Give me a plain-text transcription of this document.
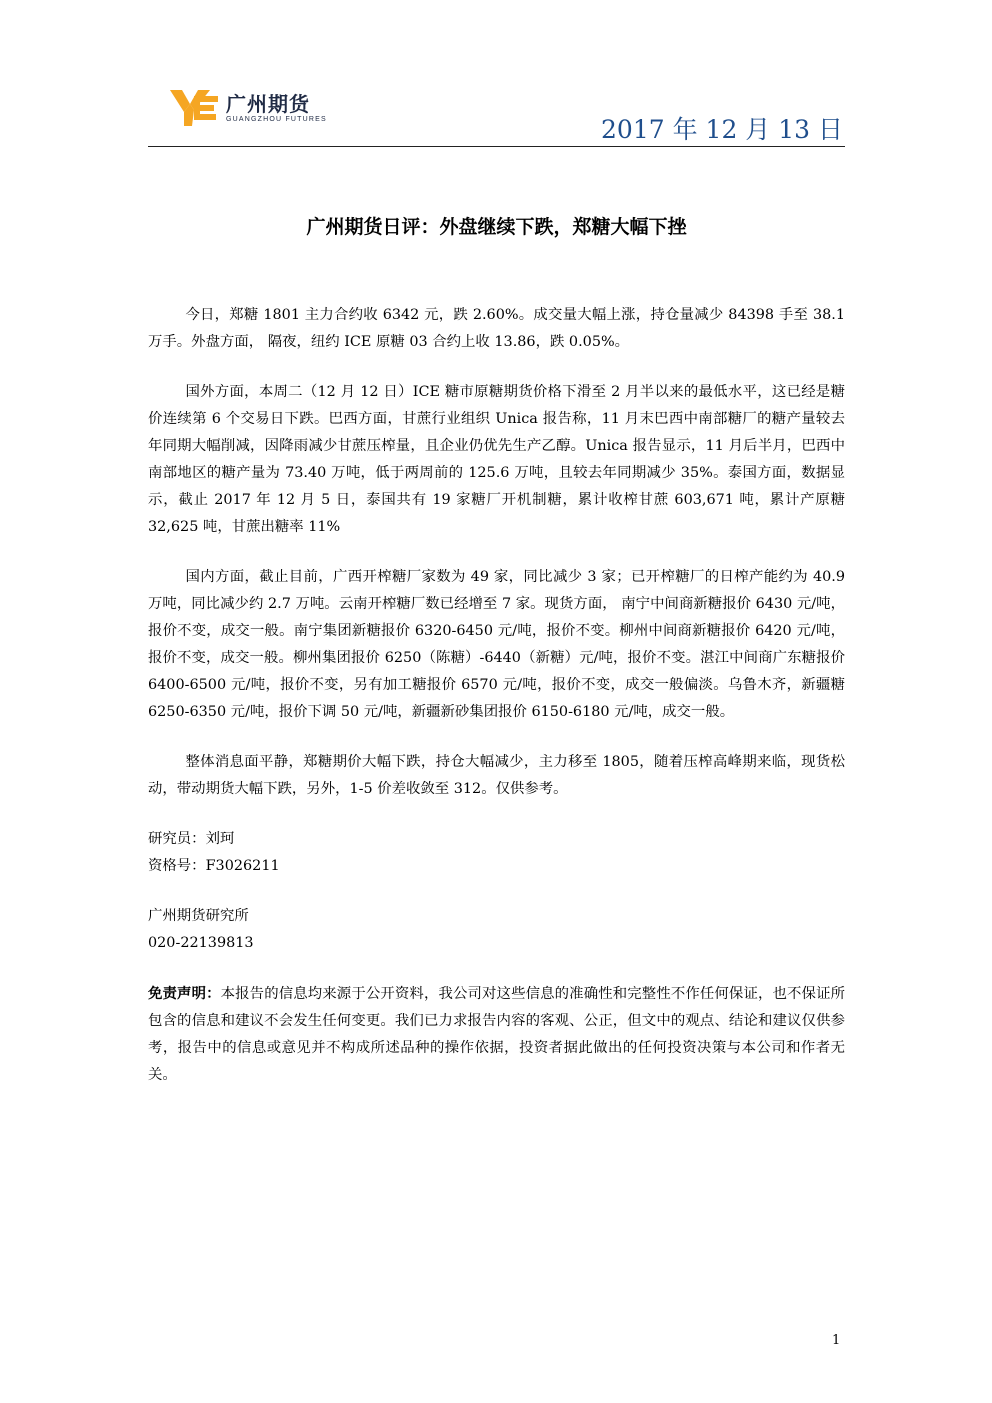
广州期货
GUANGZHOU FUTURES	2017 年 12 月 13 日
广州期货日评：外盘继续下跌，郑糖大幅下挫

今日，郑糖 1801 主力合约收 6342 元，跌 2.60%。成交量大幅上涨，持仓量减少 84398 手至 38.1 万手。外盘方面， 隔夜，纽约 ICE 原糖 03 合约上收 13.86，跌 0.05%。

国外方面，本周二（12 月 12 日）ICE 糖市原糖期货价格下滑至 2 月半以来的最低水平，这已经是糖价连续第 6 个交易日下跌。巴西方面，甘蔗行业组织 Unica 报告称，11 月末巴西中南部糖厂的糖产量较去年同期大幅削减，因降雨减少甘蔗压榨量，且企业仍优先生产乙醇。Unica 报告显示，11 月后半月，巴西中南部地区的糖产量为 73.40 万吨，低于两周前的 125.6 万吨，且较去年同期减少 35%。泰国方面，数据显示，截止 2017 年 12 月 5 日，泰国共有 19 家糖厂开机制糖，累计收榨甘蔗 603,671 吨，累计产原糖 32,625 吨，甘蔗出糖率 11%

国内方面，截止目前，广西开榨糖厂家数为 49 家，同比减少 3 家；已开榨糖厂的日榨产能约为 40.9 万吨，同比减少约 2.7 万吨。云南开榨糖厂数已经增至 7 家。现货方面， 南宁中间商新糖报价 6430 元/吨，报价不变，成交一般。南宁集团新糖报价 6320-6450 元/吨，报价不变。柳州中间商新糖报价 6420 元/吨，报价不变，成交一般。柳州集团报价 6250（陈糖）-6440（新糖）元/吨，报价不变。湛江中间商广东糖报价 6400-6500 元/吨，报价不变，另有加工糖报价 6570 元/吨，报价不变，成交一般偏淡。乌鲁木齐，新疆糖 6250-6350 元/吨，报价下调 50 元/吨，新疆新砂集团报价 6150-6180 元/吨，成交一般。

整体消息面平静，郑糖期价大幅下跌，持仓大幅减少，主力移至 1805，随着压榨高峰期来临，现货松动，带动期货大幅下跌，另外，1-5 价差收敛至 312。仅供参考。

研究员：刘珂

资格号：F3026211

广州期货研究所

020-22139813

免责声明：本报告的信息均来源于公开资料，我公司对这些信息的准确性和完整性不作任何保证，也不保证所包含的信息和建议不会发生任何变更。我们已力求报告内容的客观、公正，但文中的观点、结论和建议仅供参考，报告中的信息或意见并不构成所述品种的操作依据，投资者据此做出的任何投资决策与本公司和作者无关。

1
